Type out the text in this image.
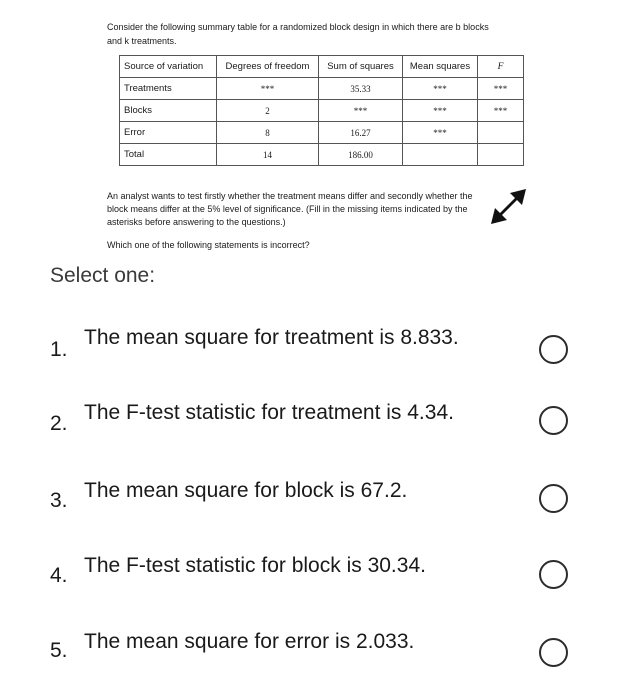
Consider the following summary table for a randomized block design in which there are b blocks
and k treatments.
Source of variation	Degrees of freedom	Sum of squares	Mean squares	F
Treatments	***	35.33	***	***
Blocks	2	***	***	***
Error	8	16.27	***	
Total	14	186.00		
An analyst wants to test firstly whether the treatment means differ and secondly whether the
block means differ at the 5% level of significance. (Fill in the missing items indicated by the
asterisks before answering to the questions.)
Which one of the following statements is incorrect?
Select one:
1.
The mean square for treatment is 8.833.
2. The F-test statistic for treatment is 4.34.
3. The mean square for block is 67.2.
4. The F-test statistic for block is 30.34.
5. The mean square for error is 2.033.
